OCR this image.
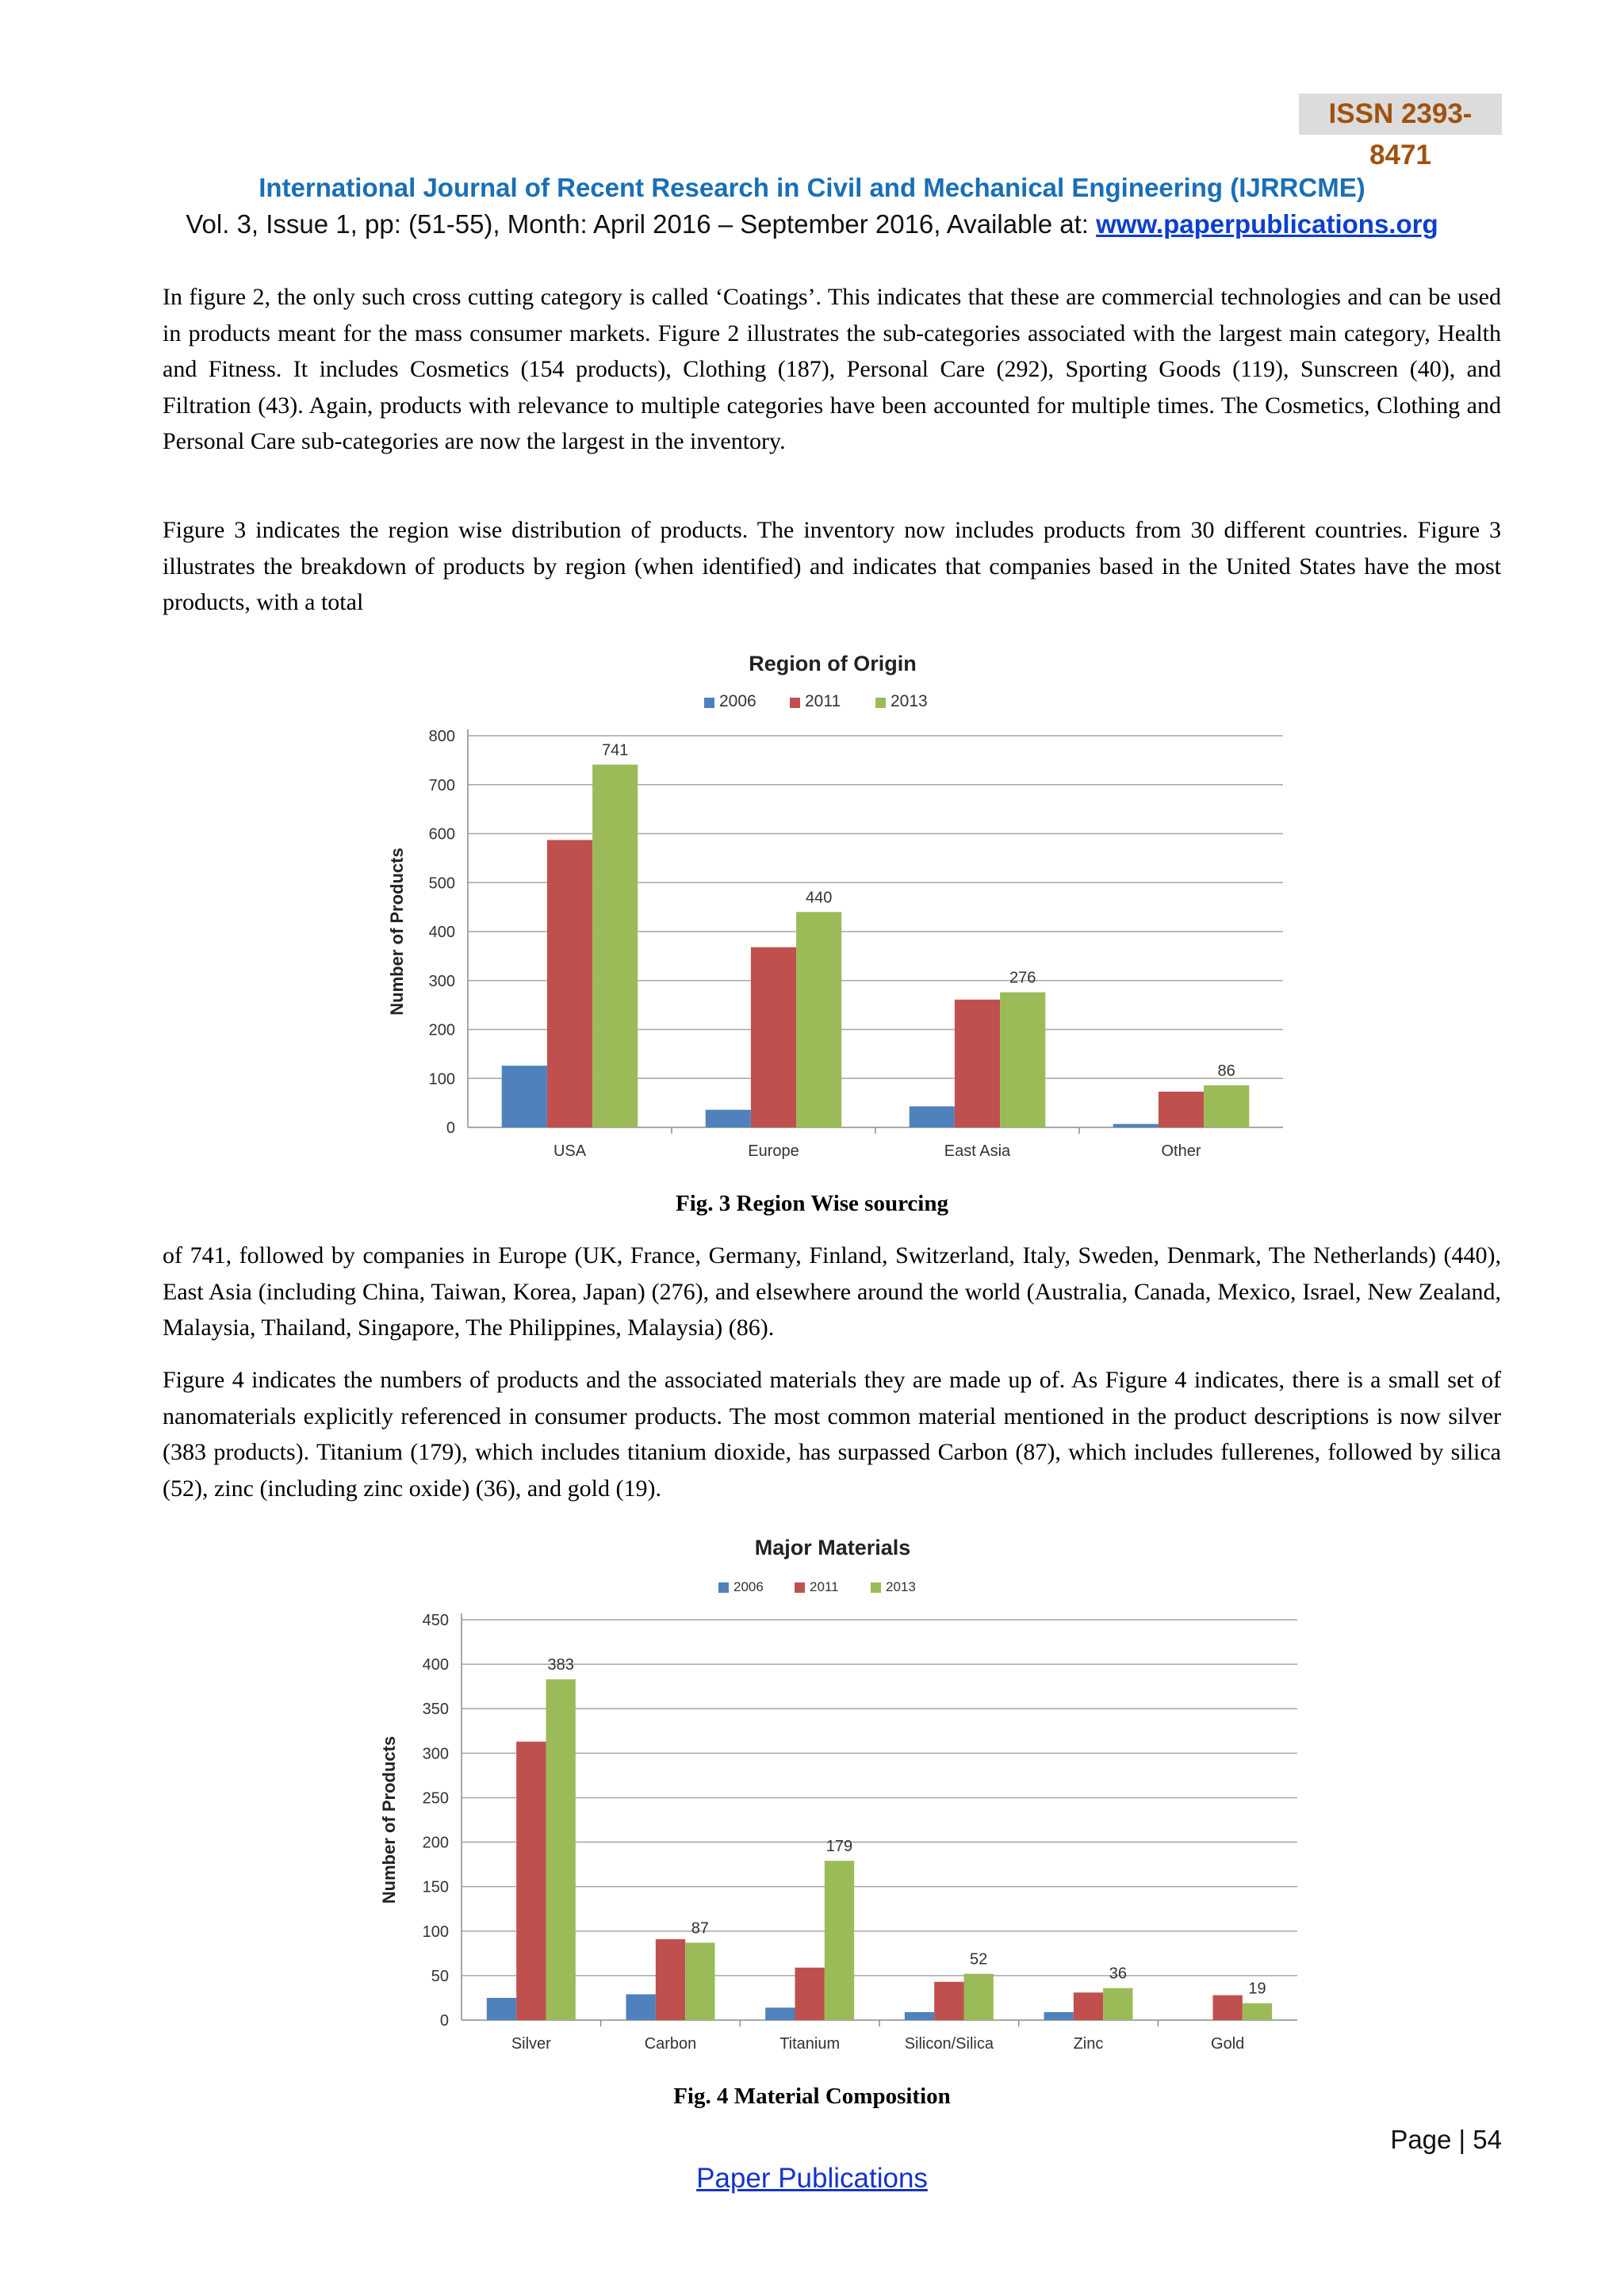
ISSN 2393-8471
International Journal of Recent Research in Civil and Mechanical Engineering (IJRRCME)
Vol. 3, Issue 1, pp: (51-55), Month: April 2016 – September 2016, Available at: www.paperpublications.org

In figure 2, the only such cross cutting category is called ‘Coatings’. This indicates that these are commercial technologies and can be used in products meant for the mass consumer markets. Figure 2 illustrates the sub-categories associated with the largest main category, Health and Fitness. It includes Cosmetics (154 products), Clothing (187), Personal Care (292), Sporting Goods (119), Sunscreen (40), and Filtration (43). Again, products with relevance to multiple categories have been accounted for multiple times. The Cosmetics, Clothing and Personal Care sub-categories are now the largest in the inventory.

Figure 3 indicates the region wise distribution of products. The inventory now includes products from 30 different countries. Figure 3 illustrates the breakdown of products by region (when identified) and indicates that companies based in the United States have the most products, with a total

Region of Origin
2006	2011	2013
0
100
200
300
400
500
600
700
800
Number of Products
741
USA
440
Europe
276
East Asia
86
Other
Fig. 3 Region Wise sourcing

of 741, followed by companies in Europe (UK, France, Germany, Finland, Switzerland, Italy, Sweden, Denmark, The Netherlands) (440), East Asia (including China, Taiwan, Korea, Japan) (276), and elsewhere around the world (Australia, Canada, Mexico, Israel, New Zealand, Malaysia, Thailand, Singapore, The Philippines, Malaysia) (86).

Figure 4 indicates the numbers of products and the associated materials they are made up of. As Figure 4 indicates, there is a small set of nanomaterials explicitly referenced in consumer products. The most common material mentioned in the product descriptions is now silver (383 products). Titanium (179), which includes titanium dioxide, has surpassed Carbon (87), which includes fullerenes, followed by silica (52), zinc (including zinc oxide) (36), and gold (19).

Major Materials
2006	2011	2013
0
50
100
150
200
250
300
350
400
450
Number of Products
383
Silver
87
Carbon
179
Titanium
52
Silicon/Silica
36
Zinc
19
Gold
Fig. 4 Material Composition
Page | 54
Paper Publications
